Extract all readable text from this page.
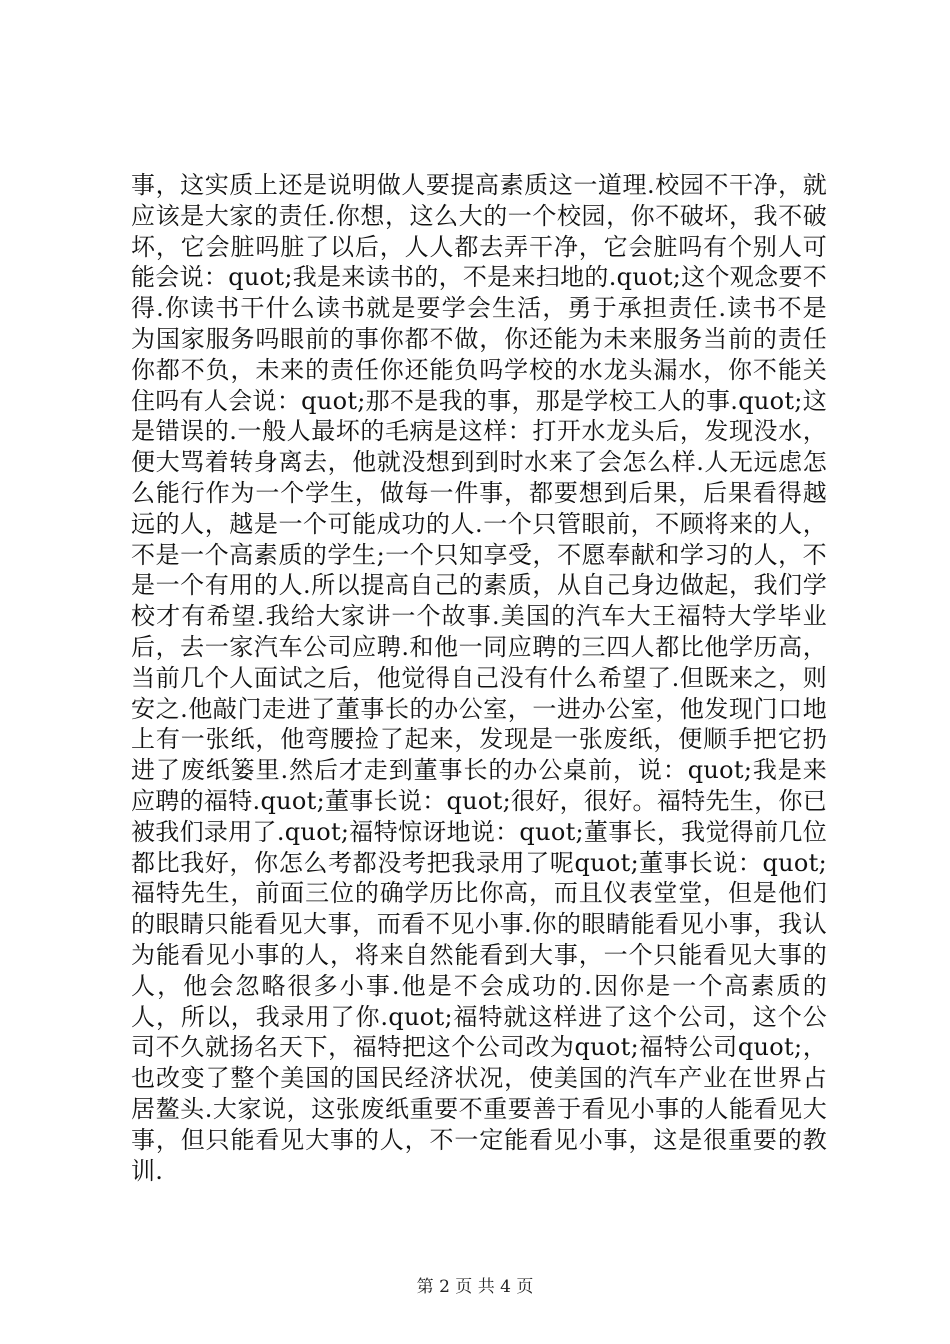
事，这实质上还是说明做人要提高素质这一道理.校园不干净，就应该是大家的责任.你想，这么大的一个校园，你不破坏，我不破坏，它会脏吗脏了以后，人人都去弄干净，它会脏吗有个别人可能会说：quot;我是来读书的，不是来扫地的.quot;这个观念要不得.你读书干什么读书就是要学会生活，勇于承担责任.读书不是为国家服务吗眼前的事你都不做，你还能为未来服务当前的责任你都不负，未来的责任你还能负吗学校的水龙头漏水，你不能关住吗有人会说：quot;那不是我的事，那是学校工人的事.quot;这是错误的.一般人最坏的毛病是这样：打开水龙头后，发现没水，便大骂着转身离去，他就没想到到时水来了会怎么样.人无远虑怎么能行作为一个学生，做每一件事，都要想到后果，后果看得越远的人，越是一个可能成功的人.一个只管眼前，不顾将来的人，不是一个高素质的学生;一个只知享受，不愿奉献和学习的人，不是一个有用的人.所以提高自己的素质，从自己身边做起，我们学校才有希望.我给大家讲一个故事.美国的汽车大王福特大学毕业后，去一家汽车公司应聘.和他一同应聘的三四人都比他学历高，当前几个人面试之后，他觉得自己没有什么希望了.但既来之，则安之.他敲门走进了董事长的办公室，一进办公室，他发现门口地上有一张纸，他弯腰捡了起来，发现是一张废纸，便顺手把它扔进了废纸篓里.然后才走到董事长的办公桌前，说：quot;我是来应聘的福特.quot;董事长说：quot;很好，很好。福特先生，你已被我们录用了.quot;福特惊讶地说：quot;董事长，我觉得前几位都比我好，你怎么考都没考把我录用了呢quot;董事长说：quot;福特先生，前面三位的确学历比你高，而且仪表堂堂，但是他们的眼睛只能看见大事，而看不见小事.你的眼睛能看见小事，我认为能看见小事的人，将来自然能看到大事，一个只能看见大事的人，他会忽略很多小事.他是不会成功的.因你是一个高素质的人，所以，我录用了你.quot;福特就这样进了这个公司，这个公司不久就扬名天下，福特把这个公司改为quot;福特公司quot;，也改变了整个美国的国民经济状况，使美国的汽车产业在世界占居鳌头.大家说，这张废纸重要不重要善于看见小事的人能看见大事，但只能看见大事的人，不一定能看见小事，这是很重要的教训.

第 2 页 共 4 页
